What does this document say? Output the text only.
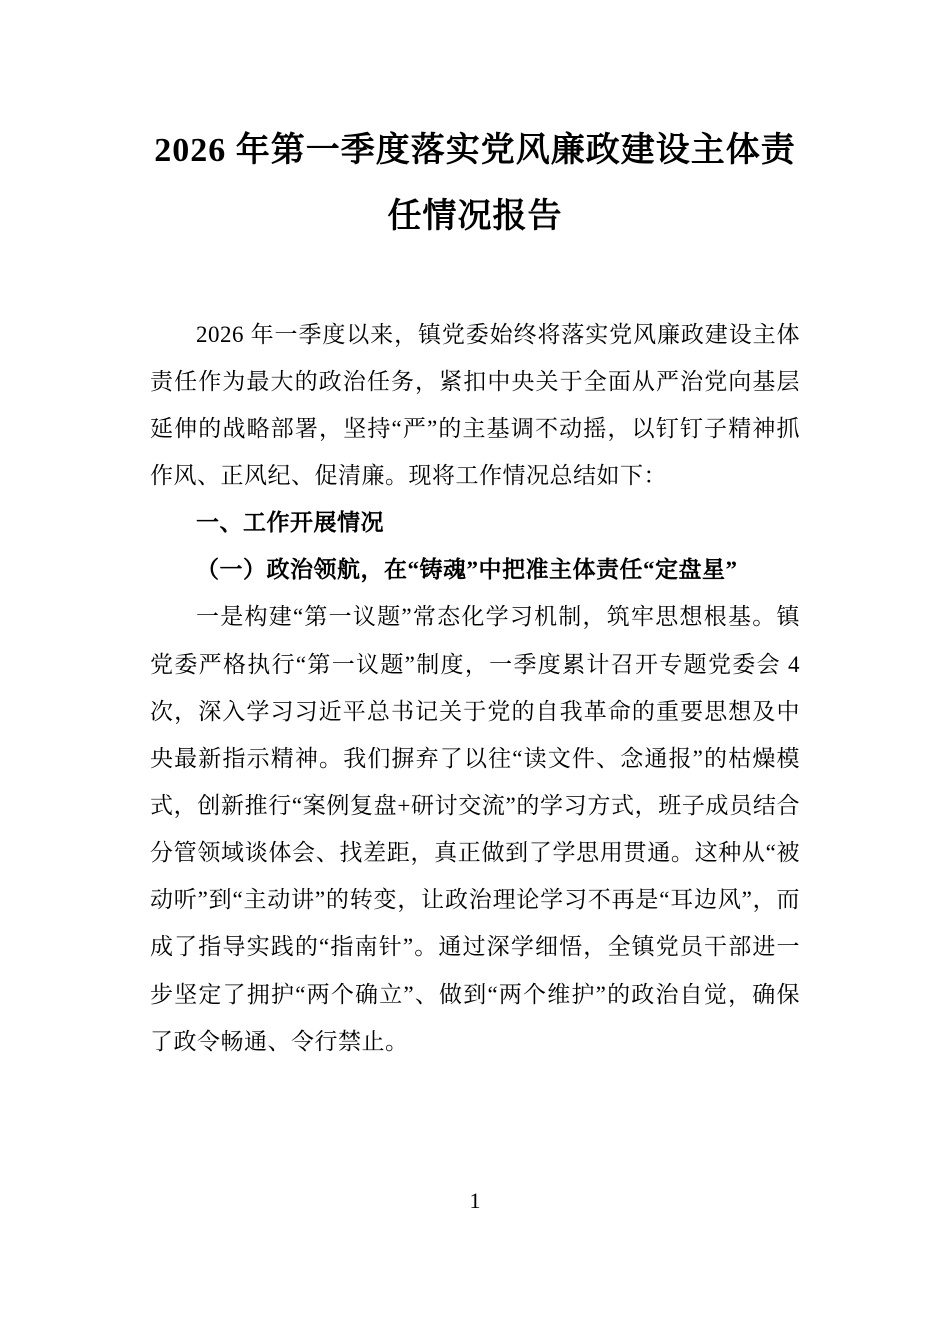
2026 年第一季度落实党风廉政建设主体责任情况报告

2026 年一季度以来，镇党委始终将落实党风廉政建设主体责任作为最大的政治任务，紧扣中央关于全面从严治党向基层延伸的战略部署，坚持“严”的主基调不动摇，以钉钉子精神抓作风、正风纪、促清廉。现将工作情况总结如下：

一、工作开展情况

（一）政治领航，在“铸魂”中把准主体责任“定盘星”

一是构建“第一议题”常态化学习机制，筑牢思想根基。镇党委严格执行“第一议题”制度，一季度累计召开专题党委会 4 次，深入学习习近平总书记关于党的自我革命的重要思想及中央最新指示精神。我们摒弃了以往“读文件、念通报”的枯燥模式，创新推行“案例复盘+研讨交流”的学习方式，班子成员结合分管领域谈体会、找差距，真正做到了学思用贯通。这种从“被动听”到“主动讲”的转变，让政治理论学习不再是“耳边风”，而成了指导实践的“指南针”。通过深学细悟，全镇党员干部进一步坚定了拥护“两个确立”、做到“两个维护”的政治自觉，确保了政令畅通、令行禁止。

1
